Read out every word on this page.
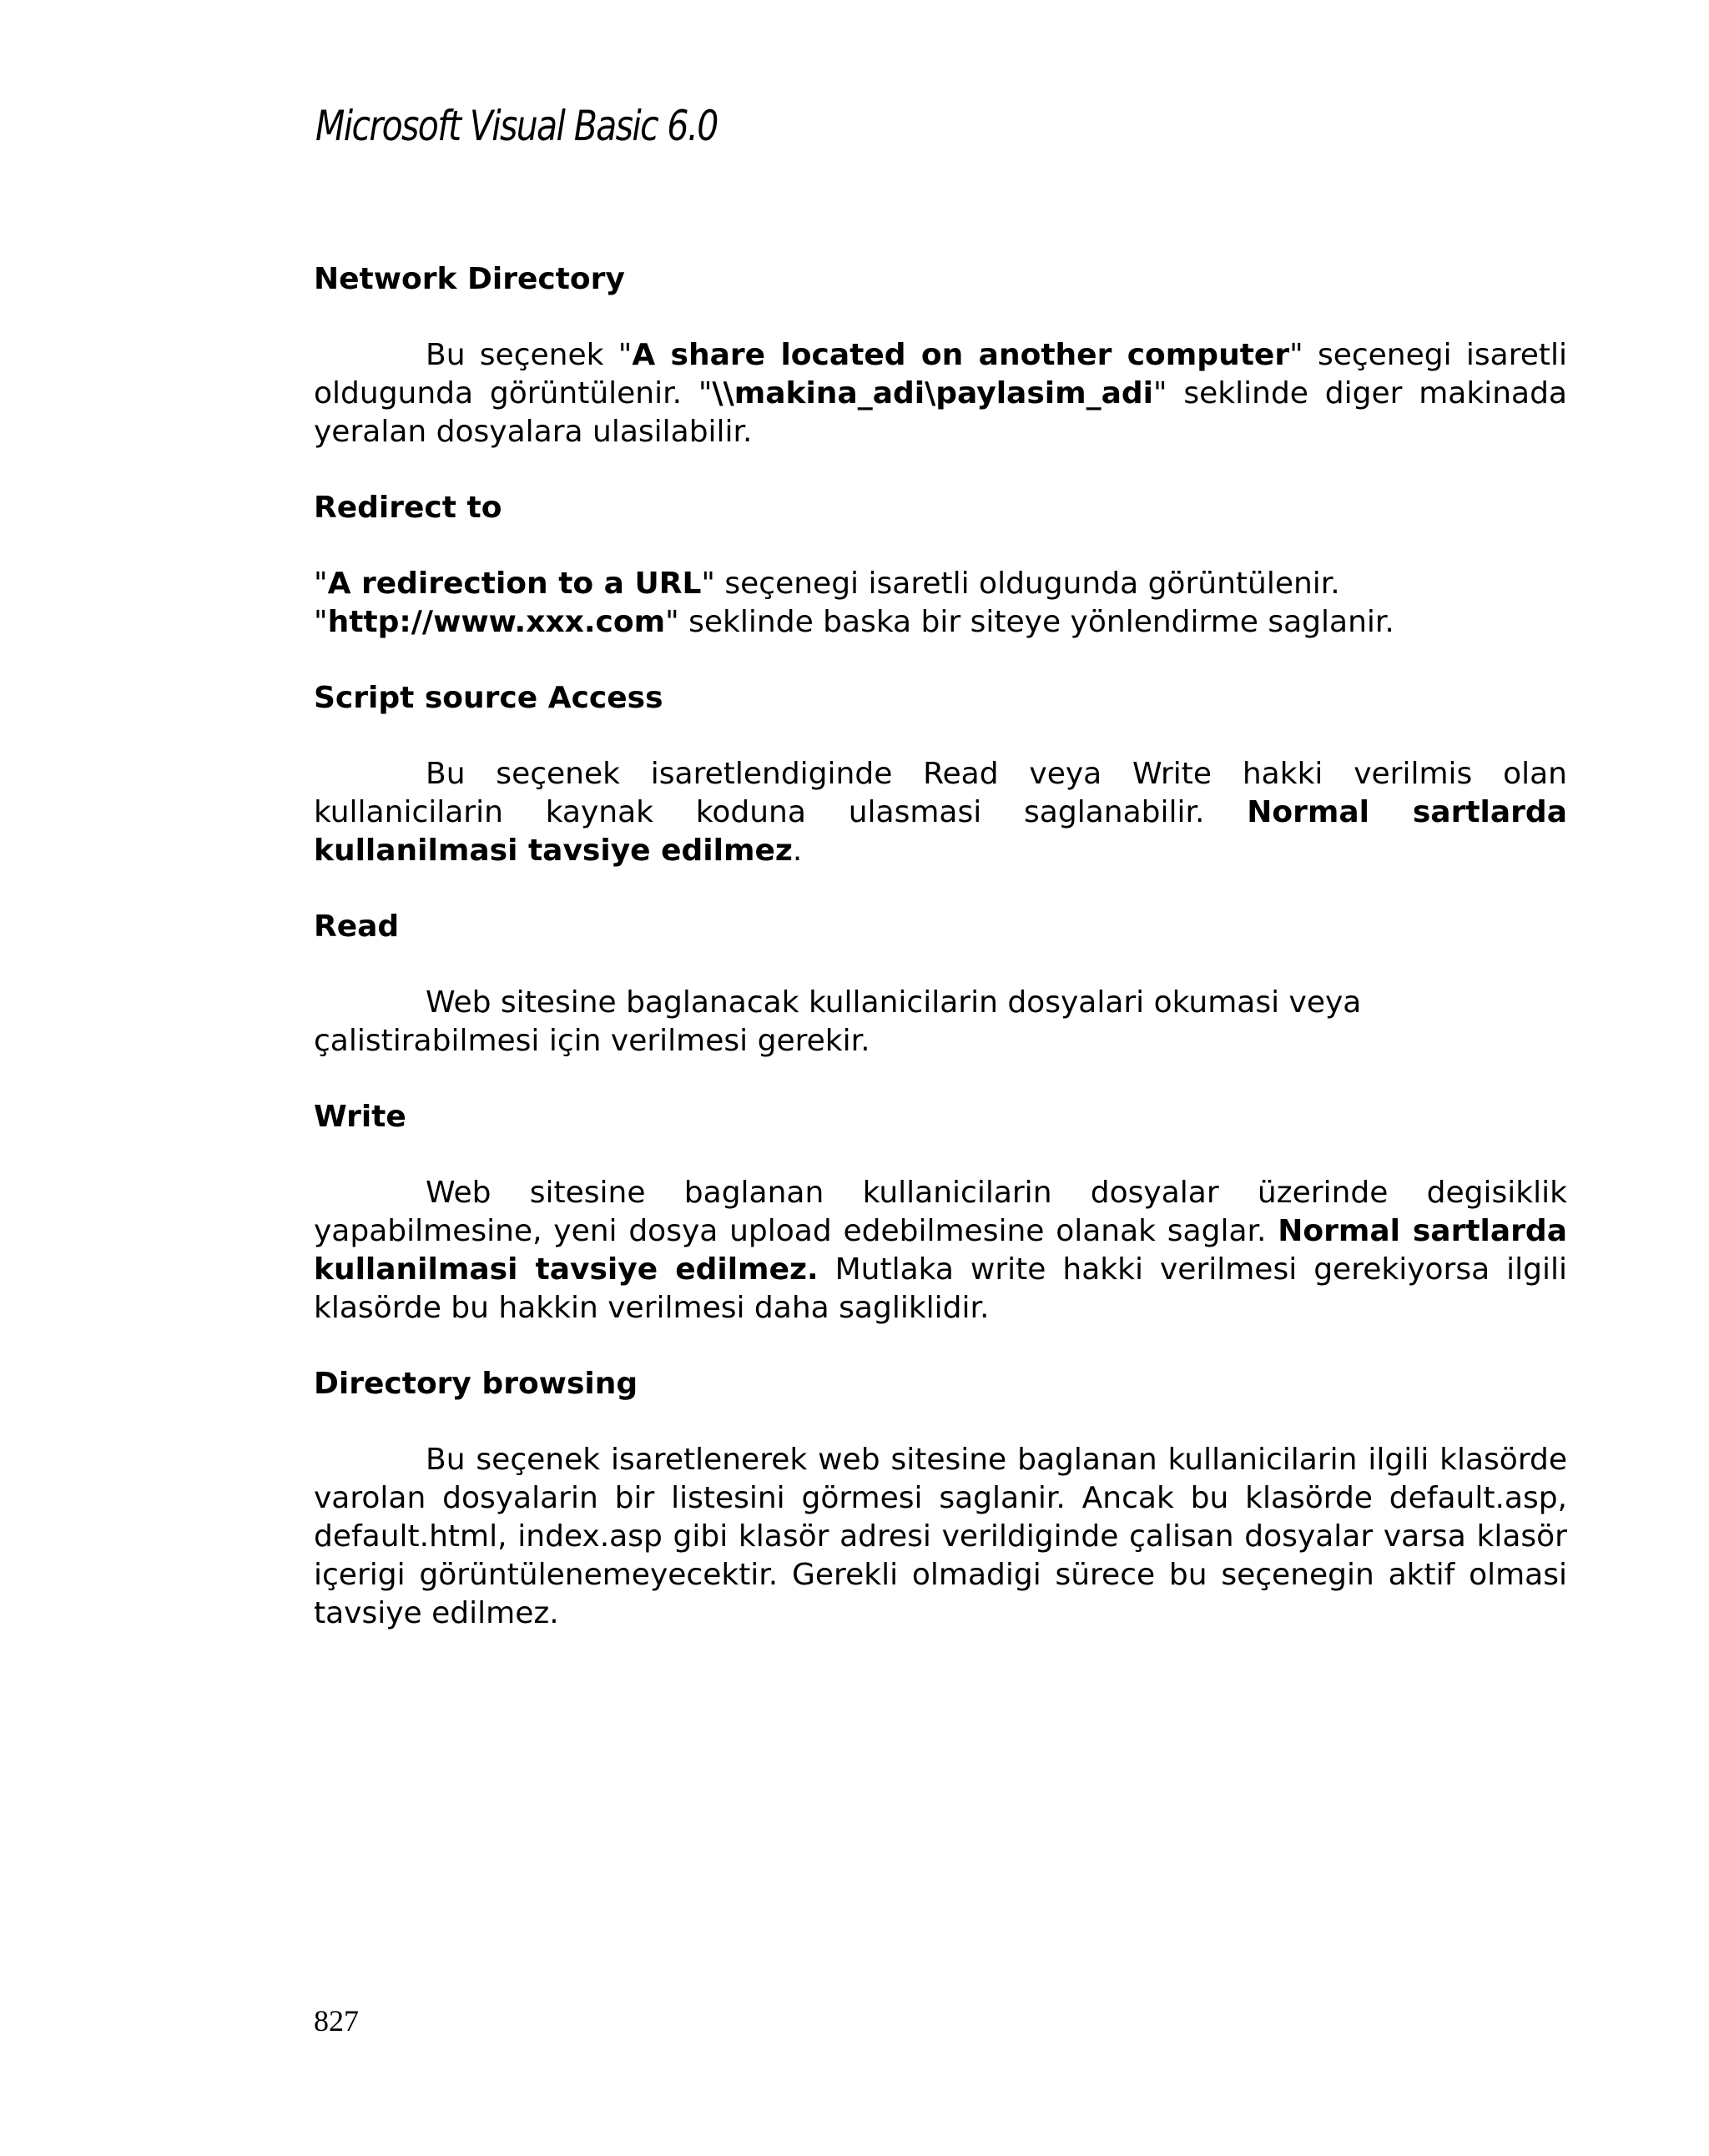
Microsoft Visual Basic 6.0
Network Directory

Bu seçenek "A share located on another computer" seçenegi isaretli oldugunda görüntülenir. "\\makina_adi\paylasim_adi" seklinde diger makinada yeralan dosyalara ulasilabilir.

Redirect to

"A redirection to a URL" seçenegi isaretli oldugunda görüntülenir.
"http://www.xxx.com" seklinde baska bir siteye yönlendirme saglanir.

Script source Access

Bu seçenek isaretlendiginde Read veya Write hakki verilmis olan kullanicilarin kaynak koduna ulasmasi saglanabilir. Normal sartlarda kullanilmasi tavsiye edilmez.

Read

Web sitesine baglanacak kullanicilarin dosyalari okumasi veya
çalistirabilmesi için verilmesi gerekir.

Write

Web sitesine baglanan kullanicilarin dosyalar üzerinde degisiklik yapabilmesine, yeni dosya upload edebilmesine olanak saglar. Normal sartlarda kullanilmasi tavsiye edilmez. Mutlaka write hakki verilmesi gerekiyorsa ilgili klasörde bu hakkin verilmesi daha sagliklidir.

Directory browsing

Bu seçenek isaretlenerek web sitesine baglanan kullanicilarin ilgili klasörde varolan dosyalarin bir listesini görmesi saglanir. Ancak bu klasörde default.asp, default.html, index.asp gibi klasör adresi verildiginde çalisan dosyalar varsa klasör içerigi görüntülenemeyecektir. Gerekli olmadigi sürece bu seçenegin aktif olmasi tavsiye edilmez.

827
